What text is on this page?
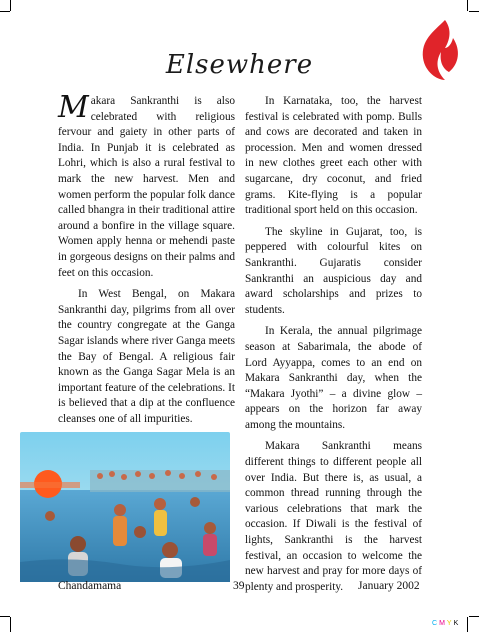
Elsewhere

Makara Sankranthi is also celebrated with religious fervour and gaiety in other parts of India. In Punjab it is celebrated as Lohri, which is also a rural festival to mark the new harvest. Men and women perform the popular folk dance called bhangra in their traditional attire around a bonfire in the village square. Women apply henna or mehendi paste in gorgeous designs on their palms and feet on this occasion.

In West Bengal, on Makara Sankranthi day, pilgrims from all over the country congregate at the Ganga Sagar islands where river Ganga meets the Bay of Bengal. A religious fair known as the Ganga Sagar Mela is an important feature of the celebrations. It is believed that a dip at the confluence cleanses one of all impurities.

In Karnataka, too, the harvest festival is celebrated with pomp. Bulls and cows are decorated and taken in procession. Men and women dressed in new clothes greet each other with sugarcane, dry coconut, and fried grams. Kite-flying is a popular traditional sport held on this occasion.

The skyline in Gujarat, too, is peppered with colourful kites on Sankranthi. Gujaratis consider Sankranthi an auspicious day and award scholarships and prizes to students.

In Kerala, the annual pilgrimage season at Sabarimala, the abode of Lord Ayyappa, comes to an end on Makara Sankranthi day, when the “Makara Jyothi” – a divine glow – appears on the horizon far away among the mountains.

Makara Sankranthi means different things to different people all over India. But there is, as usual, a common thread running through the various celebrations that mark the occasion. If Diwali is the festival of lights, Sankranthi is the harvest festival, an occasion to welcome the new harvest and pray for more days of plenty and prosperity.

Chandamama	39	January 2002
C M Y K
